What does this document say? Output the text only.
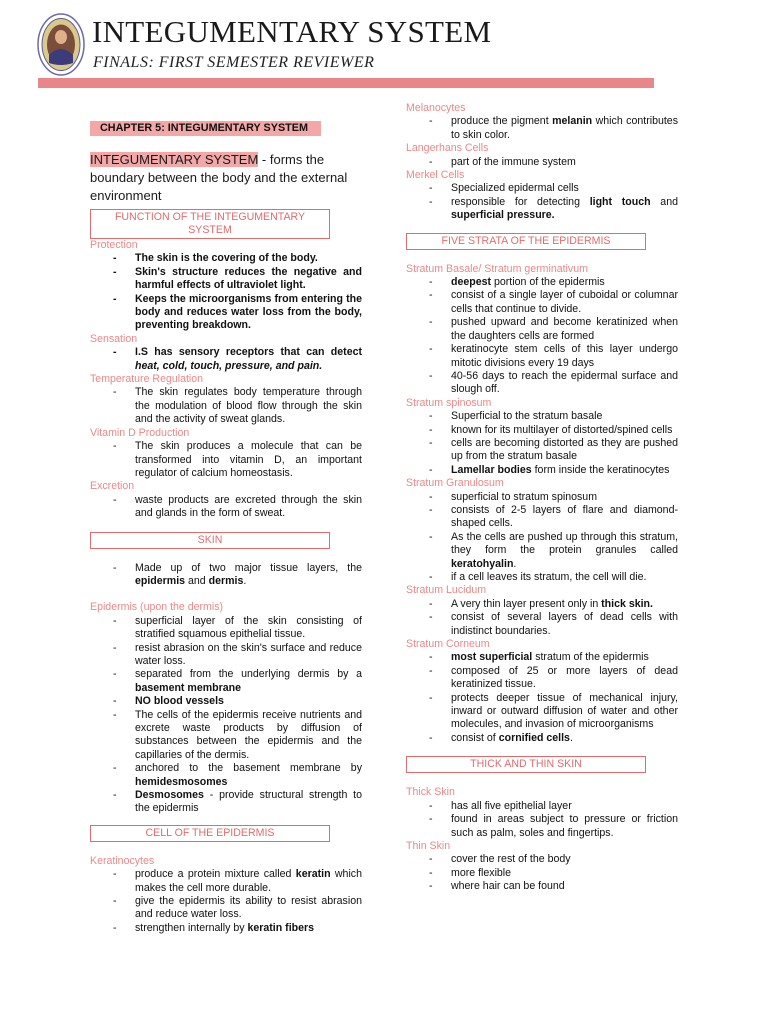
INTEGUMENTARY SYSTEM
FINALS: FIRST SEMESTER REVIEWER
CHAPTER 5: INTEGUMENTARY SYSTEM

INTEGUMENTARY SYSTEM - forms the boundary between the body and the external environment

FUNCTION OF THE INTEGUMENTARY SYSTEM
Protection
- The skin is the covering of the body.
- Skin's structure reduces the negative and harmful effects of ultraviolet light.
- Keeps the microorganisms from entering the body and reduces water loss from the body, preventing breakdown.
Sensation
- I.S has sensory receptors that can detect heat, cold, touch, pressure, and pain.
Temperature Regulation
- The skin regulates body temperature through the modulation of blood flow through the skin and the activity of sweat glands.
Vitamin D Production
- The skin produces a molecule that can be transformed into vitamin D, an important regulator of calcium homeostasis.
Excretion
- waste products are excreted through the skin and glands in the form of sweat.
SKIN
- Made up of two major tissue layers, the epidermis and dermis.
Epidermis (upon the dermis)
- superficial layer of the skin consisting of stratified squamous epithelial tissue.
- resist abrasion on the skin's surface and reduce water loss.
- separated from the underlying dermis by a basement membrane
- NO blood vessels
- The cells of the epidermis receive nutrients and excrete waste products by diffusion of substances between the epidermis and the capillaries of the dermis.
- anchored to the basement membrane by hemidesmosomes
- Desmosomes - provide structural strength to the epidermis
CELL OF THE EPIDERMIS
Keratinocytes
- produce a protein mixture called keratin which makes the cell more durable.
- give the epidermis its ability to resist abrasion and reduce water loss.
- strengthen internally by keratin fibers
Melanocytes
- produce the pigment melanin which contributes to skin color.
Langerhans Cells
- part of the immune system
Merkel Cells
- Specialized epidermal cells
- responsible for detecting light touch and superficial pressure.
FIVE STRATA OF THE EPIDERMIS
Stratum Basale/ Stratum germinativum
- deepest portion of the epidermis
- consist of a single layer of cuboidal or columnar cells that continue to divide.
- pushed upward and become keratinized when the daughters cells are formed
- keratinocyte stem cells of this layer undergo mitotic divisions every 19 days
- 40-56 days to reach the epidermal surface and slough off.
Stratum spinosum
- Superficial to the stratum basale
- known for its multilayer of distorted/spined cells
- cells are becoming distorted as they are pushed up from the stratum basale
- Lamellar bodies form inside the keratinocytes
Stratum Granulosum
- superficial to stratum spinosum
- consists of 2-5 layers of flare and diamond-shaped cells.
- As the cells are pushed up through this stratum, they form the protein granules called keratohyalin.
- if a cell leaves its stratum, the cell will die.
Stratum Lucidum
- A very thin layer present only in thick skin.
- consist of several layers of dead cells with indistinct boundaries.
Stratum Corneum
- most superficial stratum of the epidermis
- composed of 25 or more layers of dead keratinized tissue.
- protects deeper tissue of mechanical injury, inward or outward diffusion of water and other molecules, and invasion of microorganisms
- consist of cornified cells.
THICK AND THIN SKIN
Thick Skin
- has all five epithelial layer
- found in areas subject to pressure or friction such as palm, soles and fingertips.
Thin Skin
- cover the rest of the body
- more flexible
- where hair can be found
